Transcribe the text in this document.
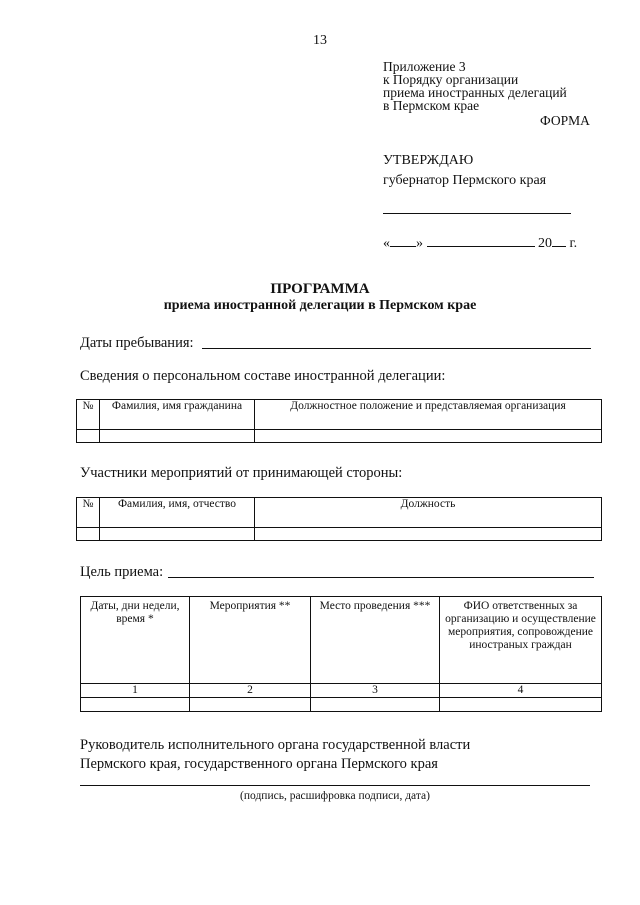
13
Приложение 3
к Порядку организации
приема иностранных делегаций
в Пермском крае
ФОРМА
УТВЕРЖДАЮ
губернатор Пермского края
« »	20 г.
ПРОГРАММА
приема иностранной делегации в Пермском крае
Даты пребывания:
Сведения о персональном составе иностранной делегации:
№	Фамилия, имя гражданина	Должностное положение и представляемая организация

Участники мероприятий от принимающей стороны:
№	Фамилия, имя, отчество	Должность

Цель приема:
Даты, дни недели, время *	Мероприятия **	Место проведения ***	ФИО ответственных за организацию и осуществление мероприятия, сопровождение иностраных граждан
1	2	3	4

Руководитель исполнительного органа государственной власти
Пермского края, государственного органа Пермского края
(подпись, расшифровка подписи, дата)
